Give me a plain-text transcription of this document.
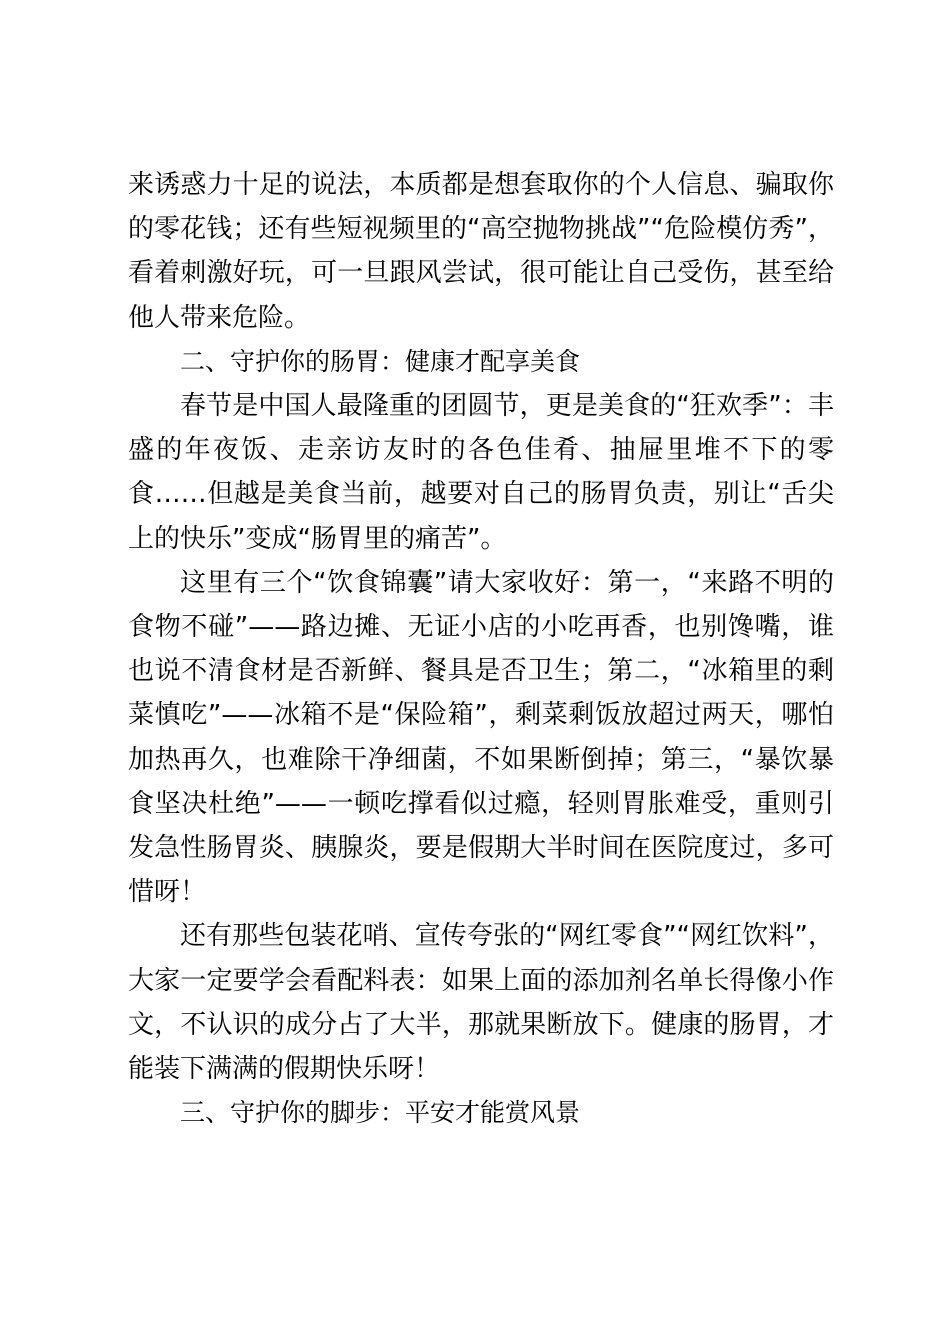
来诱惑力十足的说法，本质都是想套取你的个人信息、骗取你的零花钱；还有些短视频里的“高空抛物挑战”“危险模仿秀”，看着刺激好玩，可一旦跟风尝试，很可能让自己受伤，甚至给他人带来危险。

二、守护你的肠胃：健康才配享美食

春节是中国人最隆重的团圆节，更是美食的“狂欢季”：丰盛的年夜饭、走亲访友时的各色佳肴、抽屉里堆不下的零食……但越是美食当前，越要对自己的肠胃负责，别让“舌尖上的快乐”变成“肠胃里的痛苦”。

这里有三个“饮食锦囊”请大家收好：第一，“来路不明的食物不碰”——路边摊、无证小店的小吃再香，也别馋嘴，谁也说不清食材是否新鲜、餐具是否卫生；第二，“冰箱里的剩菜慎吃”——冰箱不是“保险箱”，剩菜剩饭放超过两天，哪怕加热再久，也难除干净细菌，不如果断倒掉；第三，“暴饮暴食坚决杜绝”——一顿吃撑看似过瘾，轻则胃胀难受，重则引发急性肠胃炎、胰腺炎，要是假期大半时间在医院度过，多可惜呀！

还有那些包装花哨、宣传夸张的“网红零食”“网红饮料”，大家一定要学会看配料表：如果上面的添加剂名单长得像小作文，不认识的成分占了大半，那就果断放下。健康的肠胃，才能装下满满的假期快乐呀！

三、守护你的脚步：平安才能赏风景
